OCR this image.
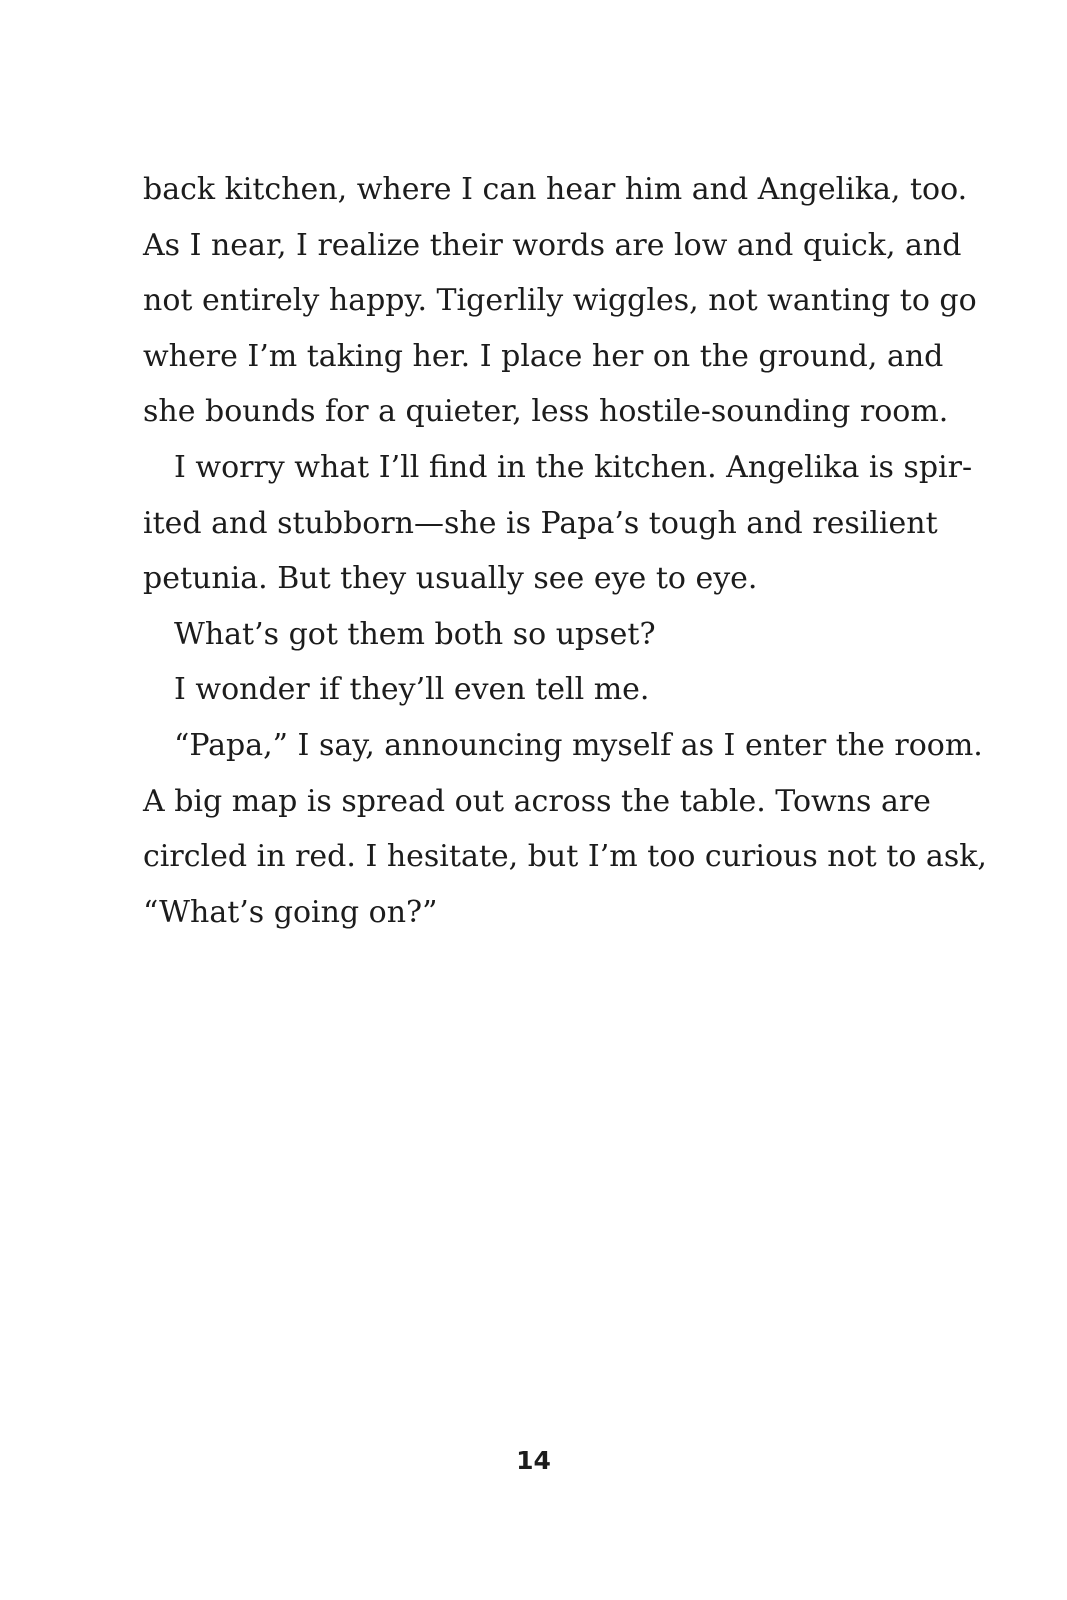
back kitchen, where I can hear him and Angelika, too.
As I near, I realize their words are low and quick, and
not entirely happy. Tigerlily wiggles, not wanting to go
where I’m taking her. I place her on the ground, and
she bounds for a quieter, less hostile-sounding room.
I worry what I’ll find in the kitchen. Angelika is spir-
ited and stubborn—she is Papa’s tough and resilient
petunia. But they usually see eye to eye.
What’s got them both so upset?
I wonder if they’ll even tell me.
“Papa,” I say, announcing myself as I enter the room.
A big map is spread out across the table. Towns are
circled in red. I hesitate, but I’m too curious not to ask,
“What’s going on?”
14
